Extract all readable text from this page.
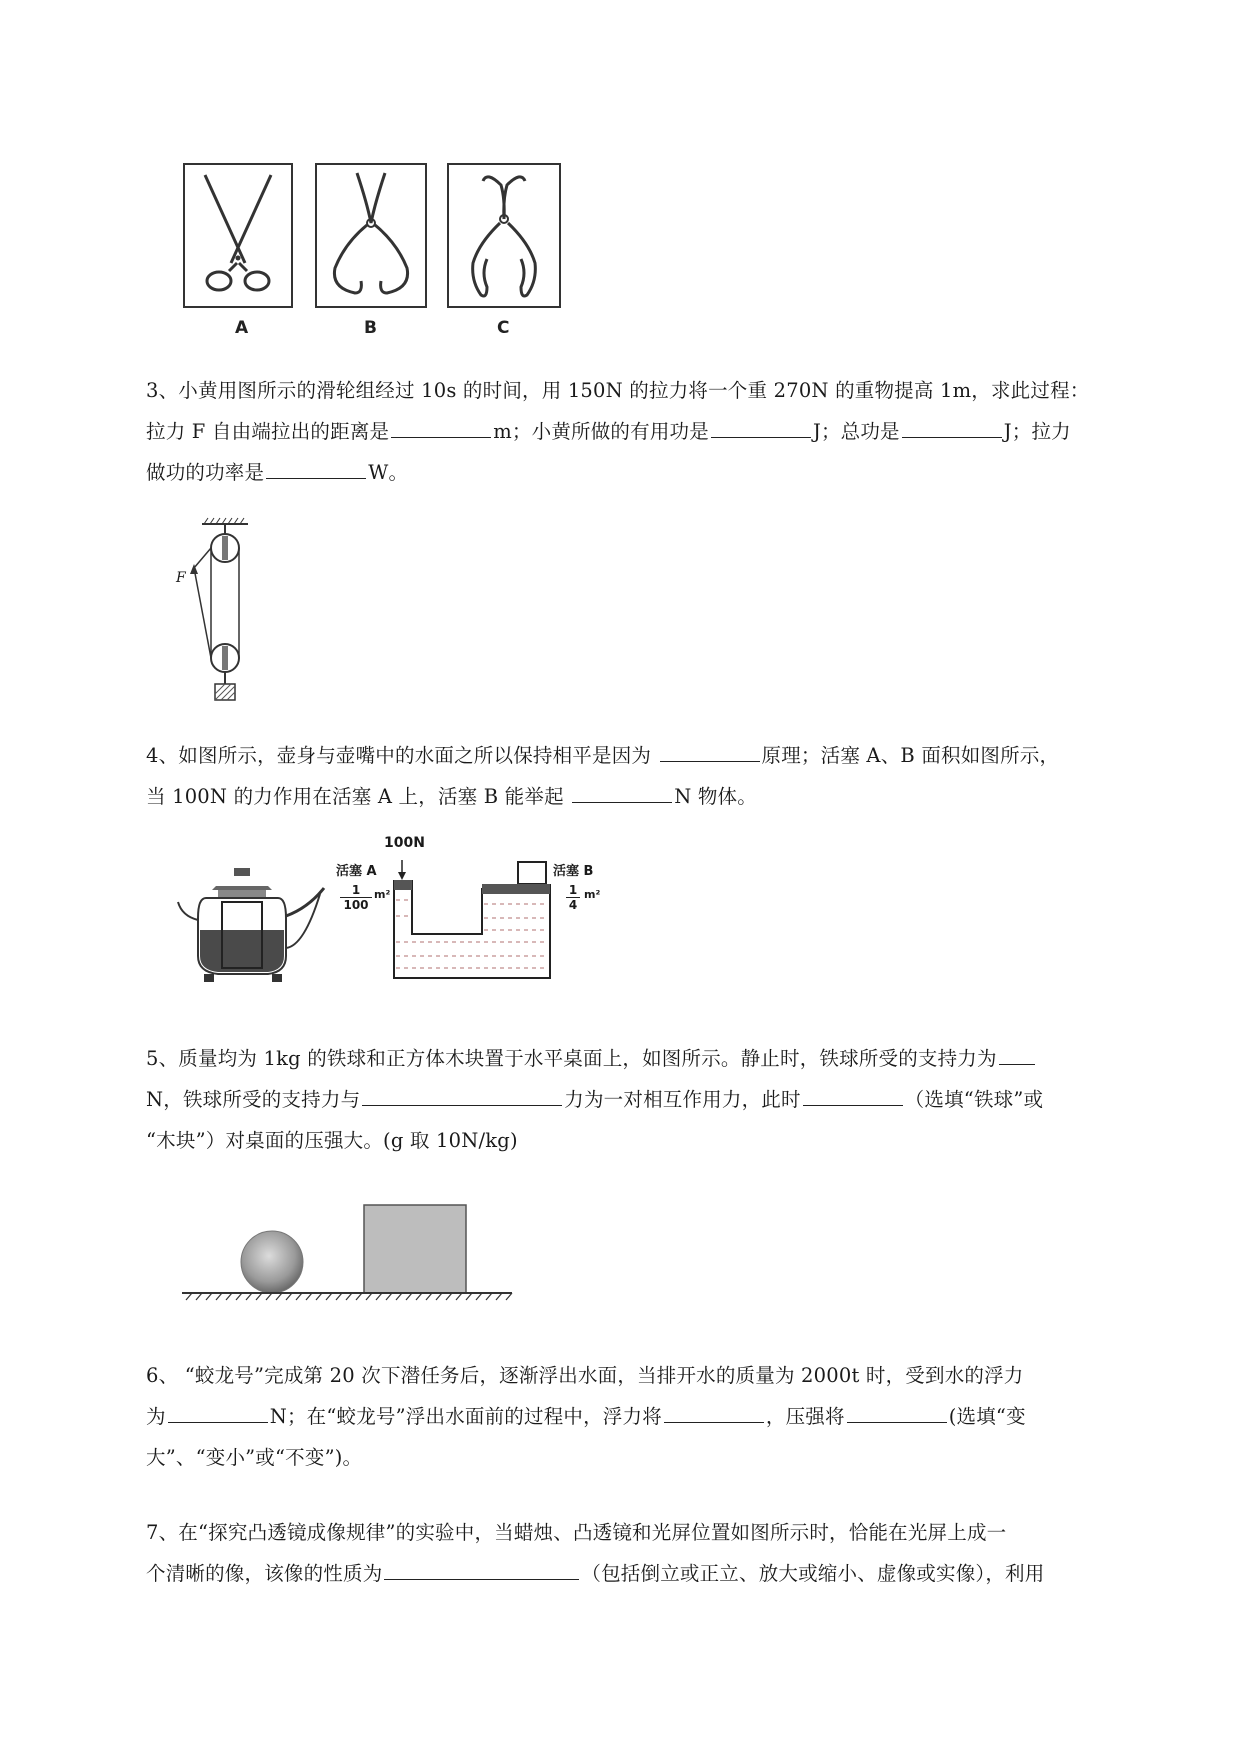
A	B	C
3、小黄用图所示的滑轮组经过 10s 的时间，用 150N 的拉力将一个重 270N 的重物提高 1m，求此过程：
拉力 F 自由端拉出的距离是	m；小黄所做的有用功是	J；总功是	J；拉力
做功的功率是	W。
F
4、如图所示，壶身与壶嘴中的水面之所以保持相平是因为	原理；活塞 A、B 面积如图所示，
当 100N 的力作用在活塞 A 上，活塞 B 能举起	N 物体。
100N
活塞 A	活塞 B
$\frac{1}{100} m^2$	$\frac{1}{4} m^2$
5、质量均为 1kg 的铁球和正方体木块置于水平桌面上，如图所示。静止时，铁球所受的支持力为
N，铁球所受的支持力与	力为一对相互作用力，此时	（选填“铁球”或
“木块”）对桌面的压强大。(g 取 10N/kg)
6、 “蛟龙号”完成第 20 次下潜任务后，逐渐浮出水面，当排开水的质量为 2000t 时，受到水的浮力
为	N；在“蛟龙号”浮出水面前的过程中，浮力将	，压强将	(选填“变
大”、“变小”或“不变”)。
7、在“探究凸透镜成像规律”的实验中，当蜡烛、凸透镜和光屏位置如图所示时，恰能在光屏上成一
个清晰的像，该像的性质为	（包括倒立或正立、放大或缩小、虚像或实像），利用
